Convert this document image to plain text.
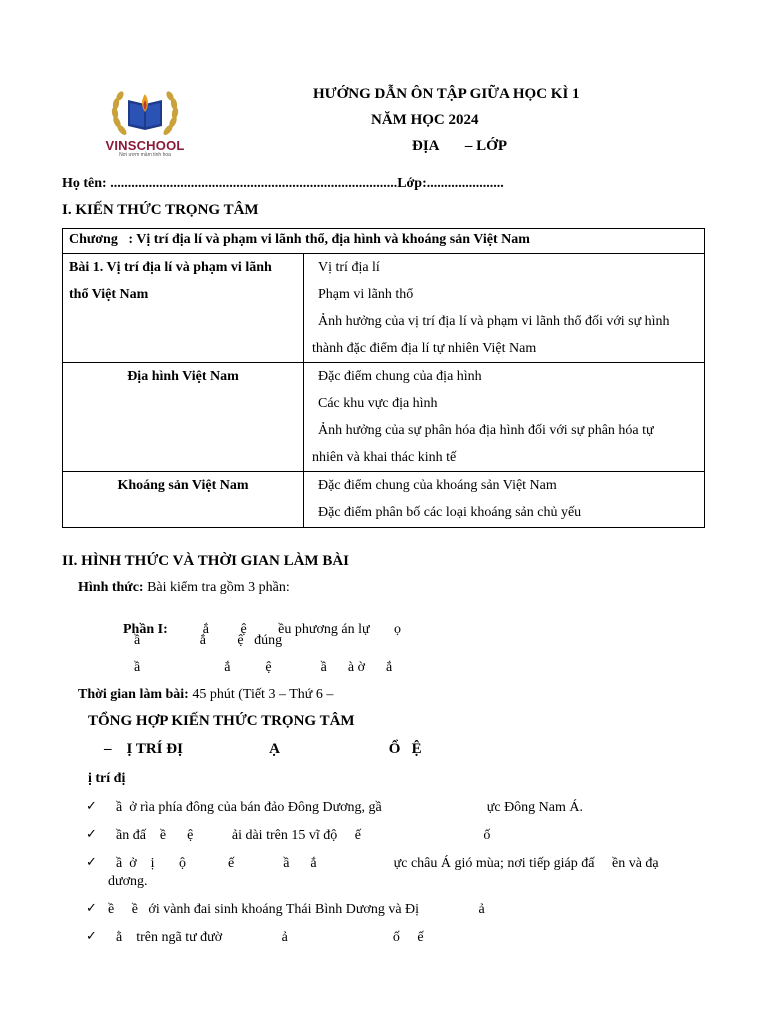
VINSCHOOL
Nơi ươm mầm tinh hoa
HƯỚNG DẪN ÔN TẬP GIỮA HỌC KÌ 1
NĂM HỌC 2024
ĐỊA       – LỚP
Họ tên: ..................................................................................Lớp:......................
I. KIẾN THỨC TRỌNG TÂM
Chương   : Vị trí địa lí và phạm vi lãnh thổ, địa hình và khoáng sản Việt Nam	

Bài 1. Vị trí địa lí và phạm vi lãnh
thổ Việt Nam	Vị trí địa lí
Phạm vi lãnh thổ
Ảnh hưởng của vị trí địa lí và phạm vi lãnh thổ đối với sự hình
thành đặc điểm địa lí tự nhiên Việt Nam

Địa hình Việt Nam	Đặc điểm chung của địa hình
Các khu vực địa hình
Ảnh hưởng của sự phân hóa địa hình đối với sự phân hóa tự
nhiên và khai thác kinh tế

Khoáng sản Việt Nam	Đặc điểm chung của khoáng sản Việt Nam
Đặc điểm phân bố các loại khoáng sản chủ yếu
II. HÌNH THỨC VÀ THỜI GIAN LÀM BÀI
Hình thức: Bài kiểm tra gồm 3 phần:

Phần I:	ắ         ệ         ều phương án lự       ọ

ầ                 ắ         ệ   đúng
ầ                        ắ          ệ              ầ      à ờ      ắ
Thời gian làm bài: 45 phút (Tiết 3 – Thứ 6 –
TỔNG HỢP KIẾN THỨC TRỌNG TÂM
–    Ị TRÍ ĐỊ                       Ạ                             Ổ   Ệ
ị trí đị
✓ ầ  ở rìa phía đông của bán đảo Đông Dương, gầ                              ực Đông Nam Á.
✓ ần đấ    ề      ệ           ải dài trên 15 vĩ độ     ế                                   ố
✓ ầ  ở    ị       ộ            ế              ầ      ắ                      ực châu Á gió mùa; nơi tiếp giáp đấ     ền và đạ
dương.
✓ ề     ề   ới vành đai sinh khoáng Thái Bình Dương và Đị                 ả
✓ ằ    trên ngã tư đườ                 ả                              ố     ế
